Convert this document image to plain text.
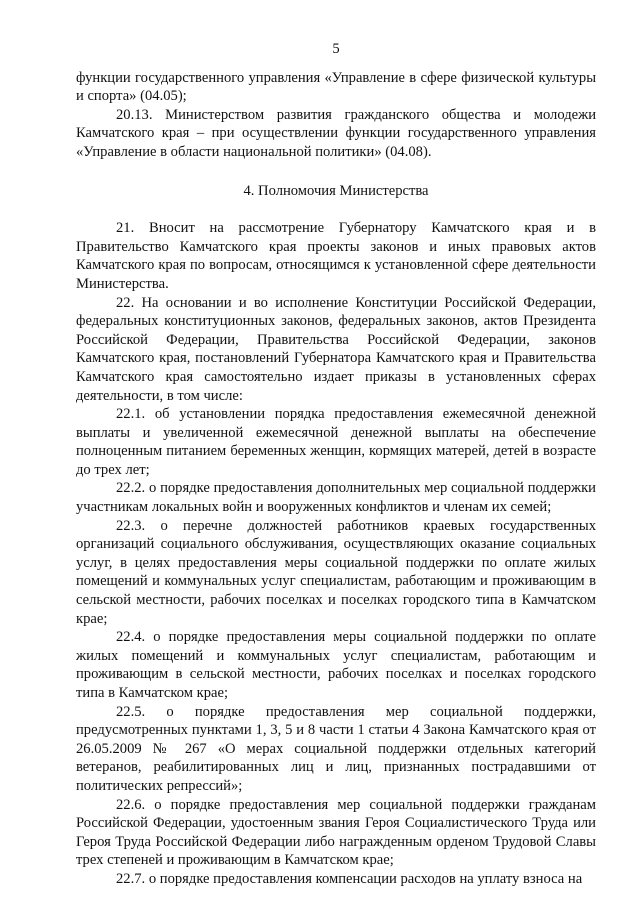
5

функции государственного управления «Управление в сфере физической культуры и спорта» (04.05);

20.13. Министерством развития гражданского общества и молодежи Камчатского края – при осуществлении функции государственного управления «Управление в области национальной политики» (04.08).

4. Полномочия Министерства

21. Вносит на рассмотрение Губернатору Камчатского края и в Правительство Камчатского края проекты законов и иных правовых актов Камчатского края по вопросам, относящимся к установленной сфере деятельности Министерства.

22. На основании и во исполнение Конституции Российской Федерации, федеральных конституционных законов, федеральных законов, актов Президента Российской Федерации, Правительства Российской Федерации, законов Камчатского края, постановлений Губернатора Камчатского края и Правительства Камчатского края самостоятельно издает приказы в установленных сферах деятельности, в том числе:

22.1. об установлении порядка предоставления ежемесячной денежной выплаты и увеличенной ежемесячной денежной выплаты на обеспечение полноценным питанием беременных женщин, кормящих матерей, детей в возрасте до трех лет;

22.2. о порядке предоставления дополнительных мер социальной поддержки участникам локальных войн и вооруженных конфликтов и членам их семей;

22.3. о перечне должностей работников краевых государственных организаций социального обслуживания, осуществляющих оказание социальных услуг, в целях предоставления меры социальной поддержки по оплате жилых помещений и коммунальных услуг специалистам, работающим и проживающим в сельской местности, рабочих поселках и поселках городского типа в Камчатском крае;

22.4. о порядке предоставления меры социальной поддержки по оплате жилых помещений и коммунальных услуг специалистам, работающим и проживающим в сельской местности, рабочих поселках и поселках городского типа в Камчатском крае;

22.5. о порядке предоставления мер социальной поддержки, предусмотренных пунктами 1, 3, 5 и 8 части 1 статьи 4 Закона Камчатского края от 26.05.2009 № 267 «О мерах социальной поддержки отдельных категорий ветеранов, реабилитированных лиц и лиц, признанных пострадавшими от политических репрессий»;

22.6. о порядке предоставления мер социальной поддержки гражданам Российской Федерации, удостоенным звания Героя Социалистического Труда или Героя Труда Российской Федерации либо награжденным орденом Трудовой Славы трех степеней и проживающим в Камчатском крае;

22.7. о порядке предоставления компенсации расходов на уплату взноса на
